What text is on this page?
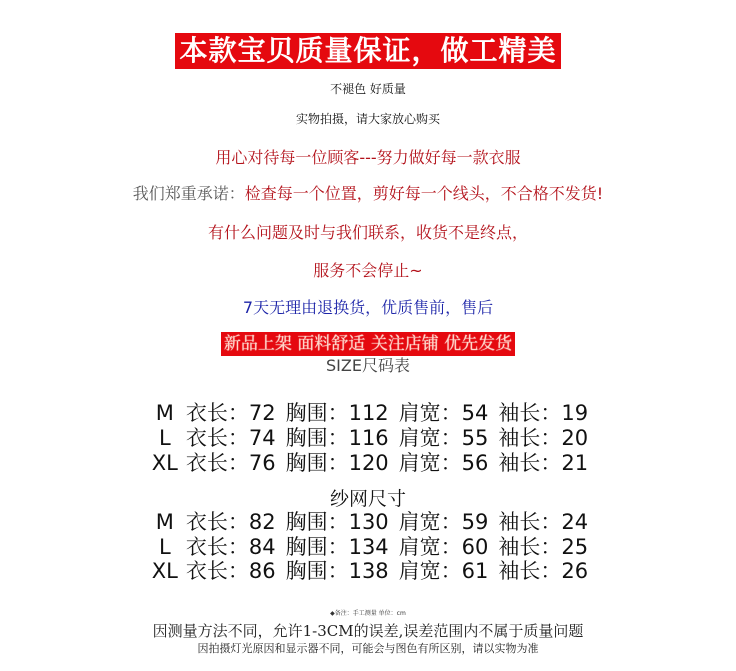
本款宝贝质量保证，做工精美
不褪色 好质量
实物拍摄，请大家放心购买
用心对待每一位顾客---努力做好每一款衣服
我们郑重承诺：检查每一个位置，剪好每一个线头，不合格不发货!
有什么问题及时与我们联系，收货不是终点，
服务不会停止~
7天无理由退换货，优质售前，售后
新品上架 面料舒适 关注店铺 优先发货
SIZE尺码表
M 衣长：72 胸围：112 肩宽：54 袖长：19
L 衣长：74 胸围：116 肩宽：55 袖长：20
XL 衣长：76 胸围：120 肩宽：56 袖长：21
纱网尺寸
M 衣长：82 胸围：130 肩宽：59 袖长：24
L 衣长：84 胸围：134 肩宽：60 袖长：25
XL 衣长：86 胸围：138 肩宽：61 袖长：26
◆备注：手工测量 单位：cm
因测量方法不同，允许1-3CM的误差,误差范围内不属于质量问题
因拍摄灯光原因和显示器不同，可能会与图色有所区别，请以实物为准
